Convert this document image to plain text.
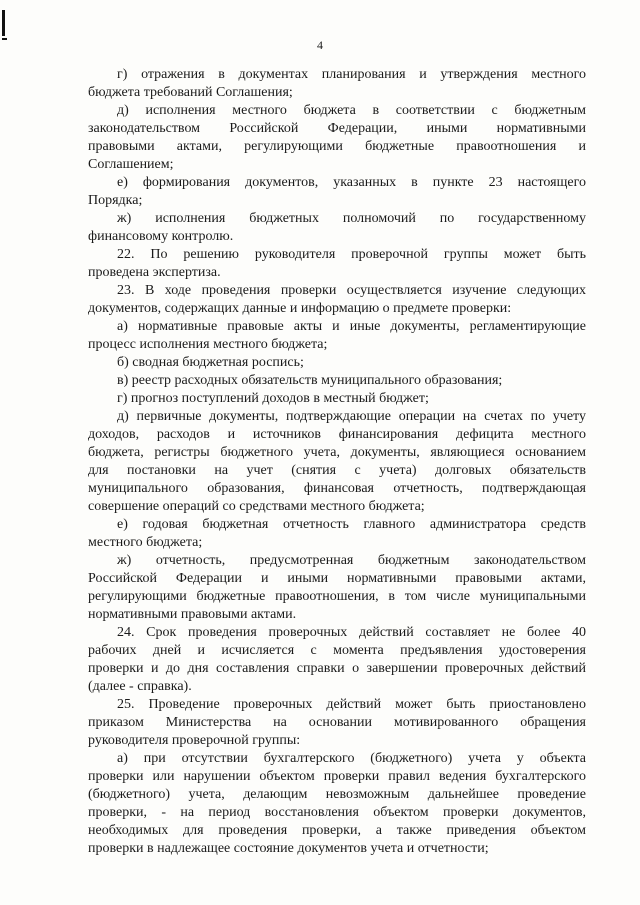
4

г) отражения в документах планирования и утверждения местного

бюджета требований Соглашения;

д) исполнения местного бюджета в соответствии с бюджетным

законодательством Российской Федерации, иными нормативными

правовыми актами, регулирующими бюджетные правоотношения и

Соглашением;

е) формирования документов, указанных в пункте 23 настоящего

Порядка;

ж) исполнения бюджетных полномочий по государственному

финансовому контролю.

22. По решению руководителя проверочной группы может быть

проведена экспертиза.

23. В ходе проведения проверки осуществляется изучение следующих

документов, содержащих данные и информацию о предмете проверки:

а) нормативные правовые акты и иные документы, регламентирующие

процесс исполнения местного бюджета;

б) сводная бюджетная роспись;

в) реестр расходных обязательств муниципального образования;

г) прогноз поступлений доходов в местный бюджет;

д) первичные документы, подтверждающие операции на счетах по учету

доходов, расходов и источников финансирования дефицита местного

бюджета, регистры бюджетного учета, документы, являющиеся основанием

для постановки на учет (снятия с учета) долговых обязательств

муниципального образования, финансовая отчетность, подтверждающая

совершение операций со средствами местного бюджета;

е) годовая бюджетная отчетность главного администратора средств

местного бюджета;

ж) отчетность, предусмотренная бюджетным законодательством

Российской Федерации и иными нормативными правовыми актами,

регулирующими бюджетные правоотношения, в том числе муниципальными

нормативными правовыми актами.

24. Срок проведения проверочных действий составляет не более 40

рабочих дней и исчисляется с момента предъявления удостоверения

проверки и до дня составления справки о завершении проверочных действий

(далее - справка).

25. Проведение проверочных действий может быть приостановлено

приказом Министерства на основании мотивированного обращения

руководителя проверочной группы:

а) при отсутствии бухгалтерского (бюджетного) учета у объекта

проверки или нарушении объектом проверки правил ведения бухгалтерского

(бюджетного) учета, делающим невозможным дальнейшее проведение

проверки, - на период восстановления объектом проверки документов,

необходимых для проведения проверки, а также приведения объектом

проверки в надлежащее состояние документов учета и отчетности;
